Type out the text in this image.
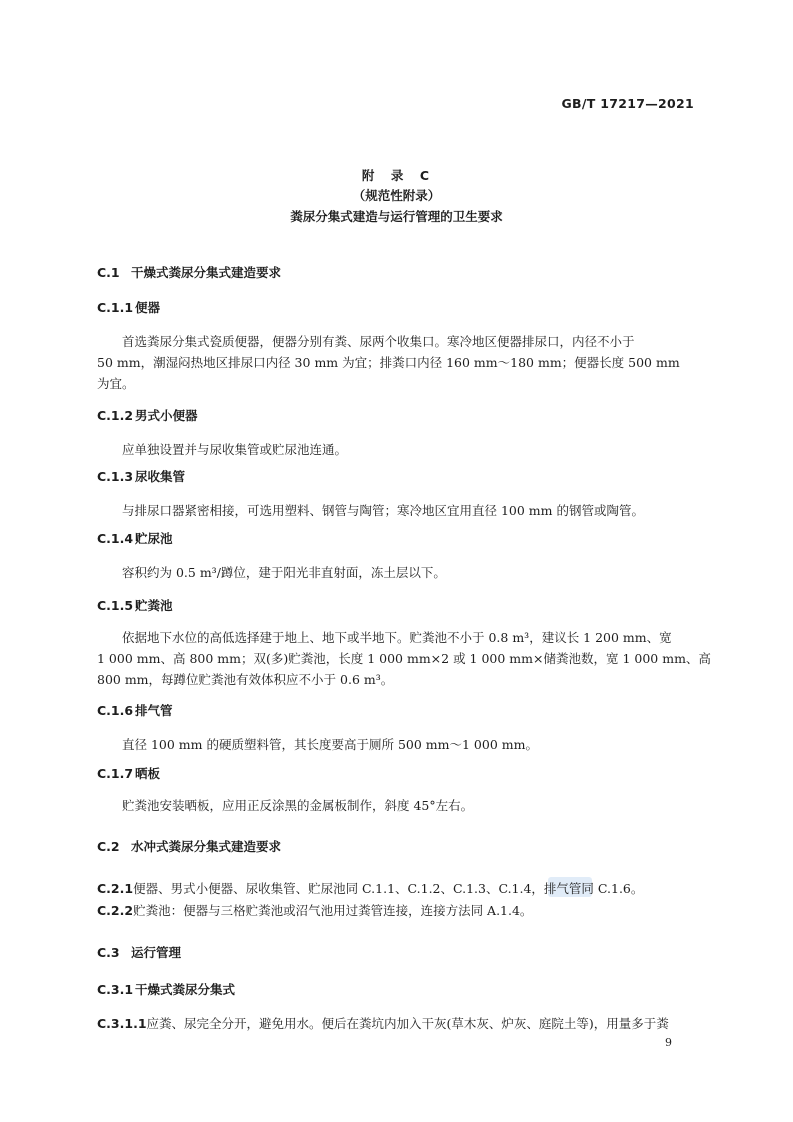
GB/T 17217—2021
附　录　C
（规范性附录）
粪尿分集式建造与运行管理的卫生要求
C.1 干燥式粪尿分集式建造要求
C.1.1 便器
首选粪尿分集式瓷质便器，便器分别有粪、尿两个收集口。寒冷地区便器排尿口，内径不小于
50 mm，潮湿闷热地区排尿口内径 30 mm 为宜；排粪口内径 160 mm～180 mm；便器长度 500 mm
为宜。
C.1.2 男式小便器
应单独设置并与尿收集管或贮尿池连通。
C.1.3 尿收集管
与排尿口器紧密相接，可选用塑料、钢管与陶管；寒冷地区宜用直径 100 mm 的钢管或陶管。
C.1.4 贮尿池
容积约为 0.5 m³/蹲位，建于阳光非直射面，冻土层以下。
C.1.5 贮粪池
依据地下水位的高低选择建于地上、地下或半地下。贮粪池不小于 0.8 m³，建议长 1 200 mm、宽
1 000 mm、高 800 mm；双(多)贮粪池，长度 1 000 mm×2 或 1 000 mm×储粪池数，宽 1 000 mm、高
800 mm，每蹲位贮粪池有效体积应不小于 0.6 m³。
C.1.6 排气管
直径 100 mm 的硬质塑料管，其长度要高于厕所 500 mm～1 000 mm。
C.1.7 晒板
贮粪池安装晒板，应用正反涂黑的金属板制作，斜度 45°左右。
C.2 水冲式粪尿分集式建造要求
C.2.1便器、男式小便器、尿收集管、贮尿池同 C.1.1、C.1.2、C.1.3、C.1.4，排气管同 C.1.6。
C.2.2贮粪池：便器与三格贮粪池或沼气池用过粪管连接，连接方法同 A.1.4。
C.3 运行管理
C.3.1 干燥式粪尿分集式
C.3.1.1应粪、尿完全分开，避免用水。便后在粪坑内加入干灰(草木灰、炉灰、庭院土等)，用量多于粪
9
